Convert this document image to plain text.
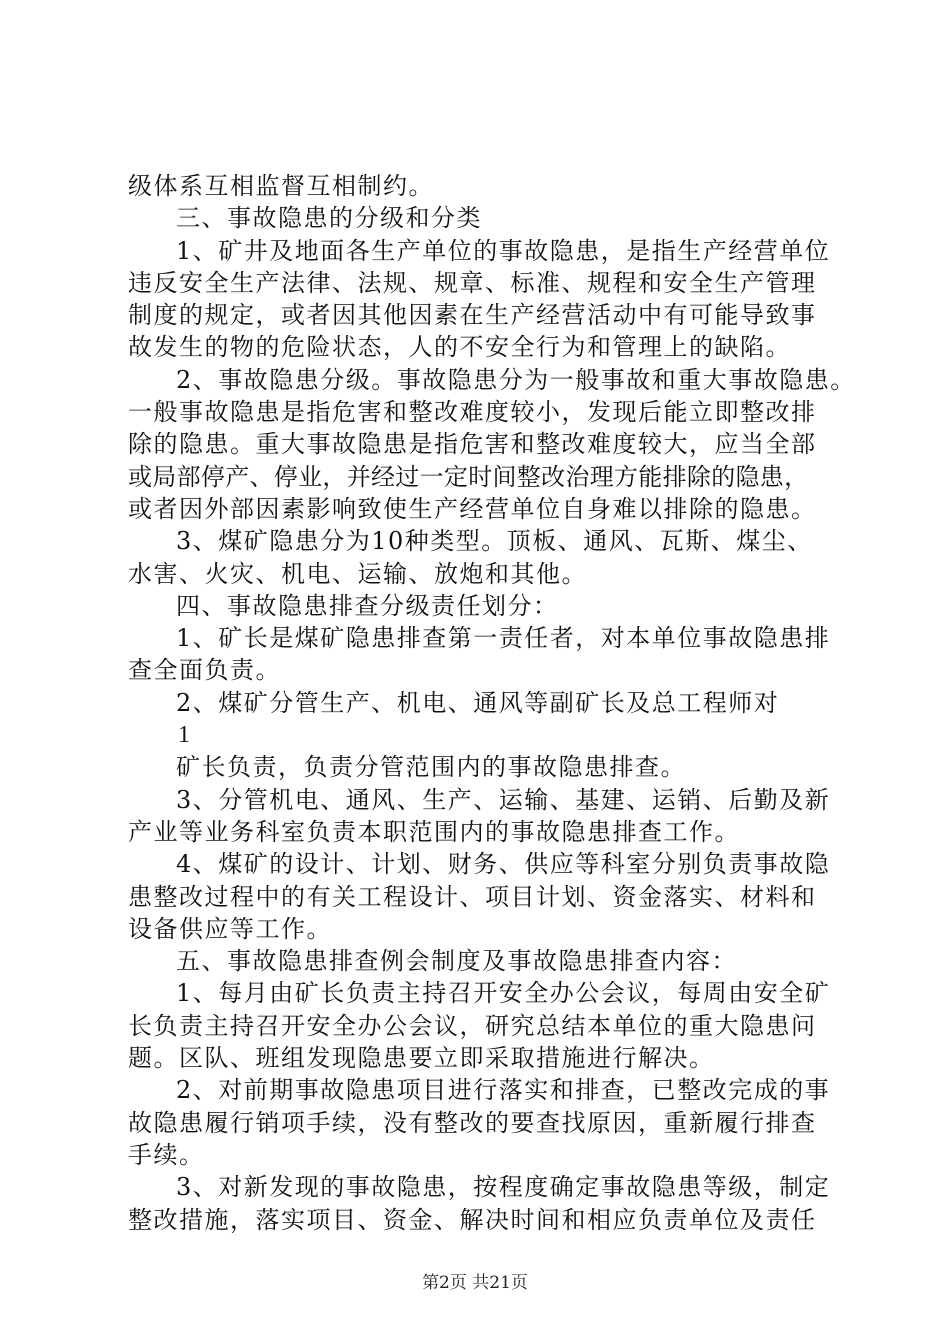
级体系互相监督互相制约。
三、事故隐患的分级和分类
1、矿井及地面各生产单位的事故隐患，是指生产经营单位
违反安全生产法律、法规、规章、标准、规程和安全生产管理
制度的规定，或者因其他因素在生产经营活动中有可能导致事
故发生的物的危险状态，人的不安全行为和管理上的缺陷。
2、事故隐患分级。事故隐患分为一般事故和重大事故隐患。
一般事故隐患是指危害和整改难度较小，发现后能立即整改排
除的隐患。重大事故隐患是指危害和整改难度较大，应当全部
或局部停产、停业，并经过一定时间整改治理方能排除的隐患，
或者因外部因素影响致使生产经营单位自身难以排除的隐患。
3、煤矿隐患分为10种类型。顶板、通风、瓦斯、煤尘、
水害、火灾、机电、运输、放炮和其他。
四、事故隐患排查分级责任划分：
1、矿长是煤矿隐患排查第一责任者，对本单位事故隐患排
查全面负责。
2、煤矿分管生产、机电、通风等副矿长及总工程师对
1
矿长负责，负责分管范围内的事故隐患排查。
3、分管机电、通风、生产、运输、基建、运销、后勤及新
产业等业务科室负责本职范围内的事故隐患排查工作。
4、煤矿的设计、计划、财务、供应等科室分别负责事故隐
患整改过程中的有关工程设计、项目计划、资金落实、材料和
设备供应等工作。
五、事故隐患排查例会制度及事故隐患排查内容：
1、每月由矿长负责主持召开安全办公会议，每周由安全矿
长负责主持召开安全办公会议，研究总结本单位的重大隐患问
题。区队、班组发现隐患要立即采取措施进行解决。
2、对前期事故隐患项目进行落实和排查，已整改完成的事
故隐患履行销项手续，没有整改的要查找原因，重新履行排查
手续。
3、对新发现的事故隐患，按程度确定事故隐患等级，制定
整改措施，落实项目、资金、解决时间和相应负责单位及责任
第2页 共21页
